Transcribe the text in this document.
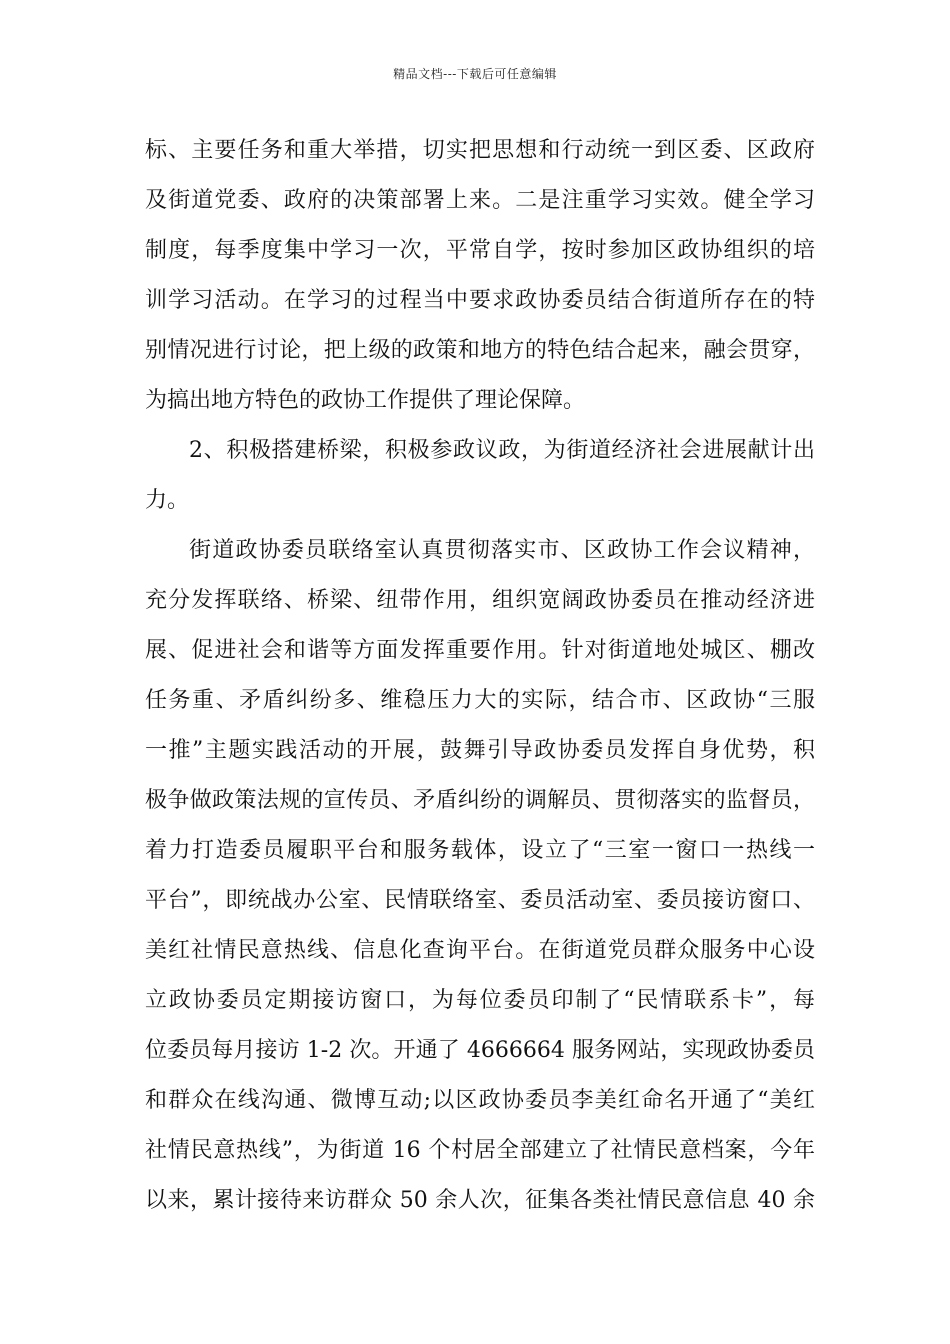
精品文档---下载后可任意编辑
标、主要任务和重大举措，切实把思想和行动统一到区委、区政府
及街道党委、政府的决策部署上来。二是注重学习实效。健全学习
制度，每季度集中学习一次，平常自学，按时参加区政协组织的培
训学习活动。在学习的过程当中要求政协委员结合街道所存在的特
别情况进行讨论，把上级的政策和地方的特色结合起来，融会贯穿，
为搞出地方特色的政协工作提供了理论保障。
2、积极搭建桥梁，积极参政议政，为街道经济社会进展献计出
力。
街道政协委员联络室认真贯彻落实市、区政协工作会议精神，
充分发挥联络、桥梁、纽带作用，组织宽阔政协委员在推动经济进
展、促进社会和谐等方面发挥重要作用。针对街道地处城区、棚改
任务重、矛盾纠纷多、维稳压力大的实际，结合市、区政协“三服
一推”主题实践活动的开展，鼓舞引导政协委员发挥自身优势，积
极争做政策法规的宣传员、矛盾纠纷的调解员、贯彻落实的监督员，
着力打造委员履职平台和服务载体，设立了“三室一窗口一热线一
平台”，即统战办公室、民情联络室、委员活动室、委员接访窗口、
美红社情民意热线、信息化查询平台。在街道党员群众服务中心设
立政协委员定期接访窗口，为每位委员印制了“民情联系卡”，每
位委员每月接访 1-2 次。开通了 4666664 服务网站，实现政协委员
和群众在线沟通、微博互动;以区政协委员李美红命名开通了“美红
社情民意热线”，为街道 16 个村居全部建立了社情民意档案，今年
以来，累计接待来访群众 50 余人次，征集各类社情民意信息 40 余
